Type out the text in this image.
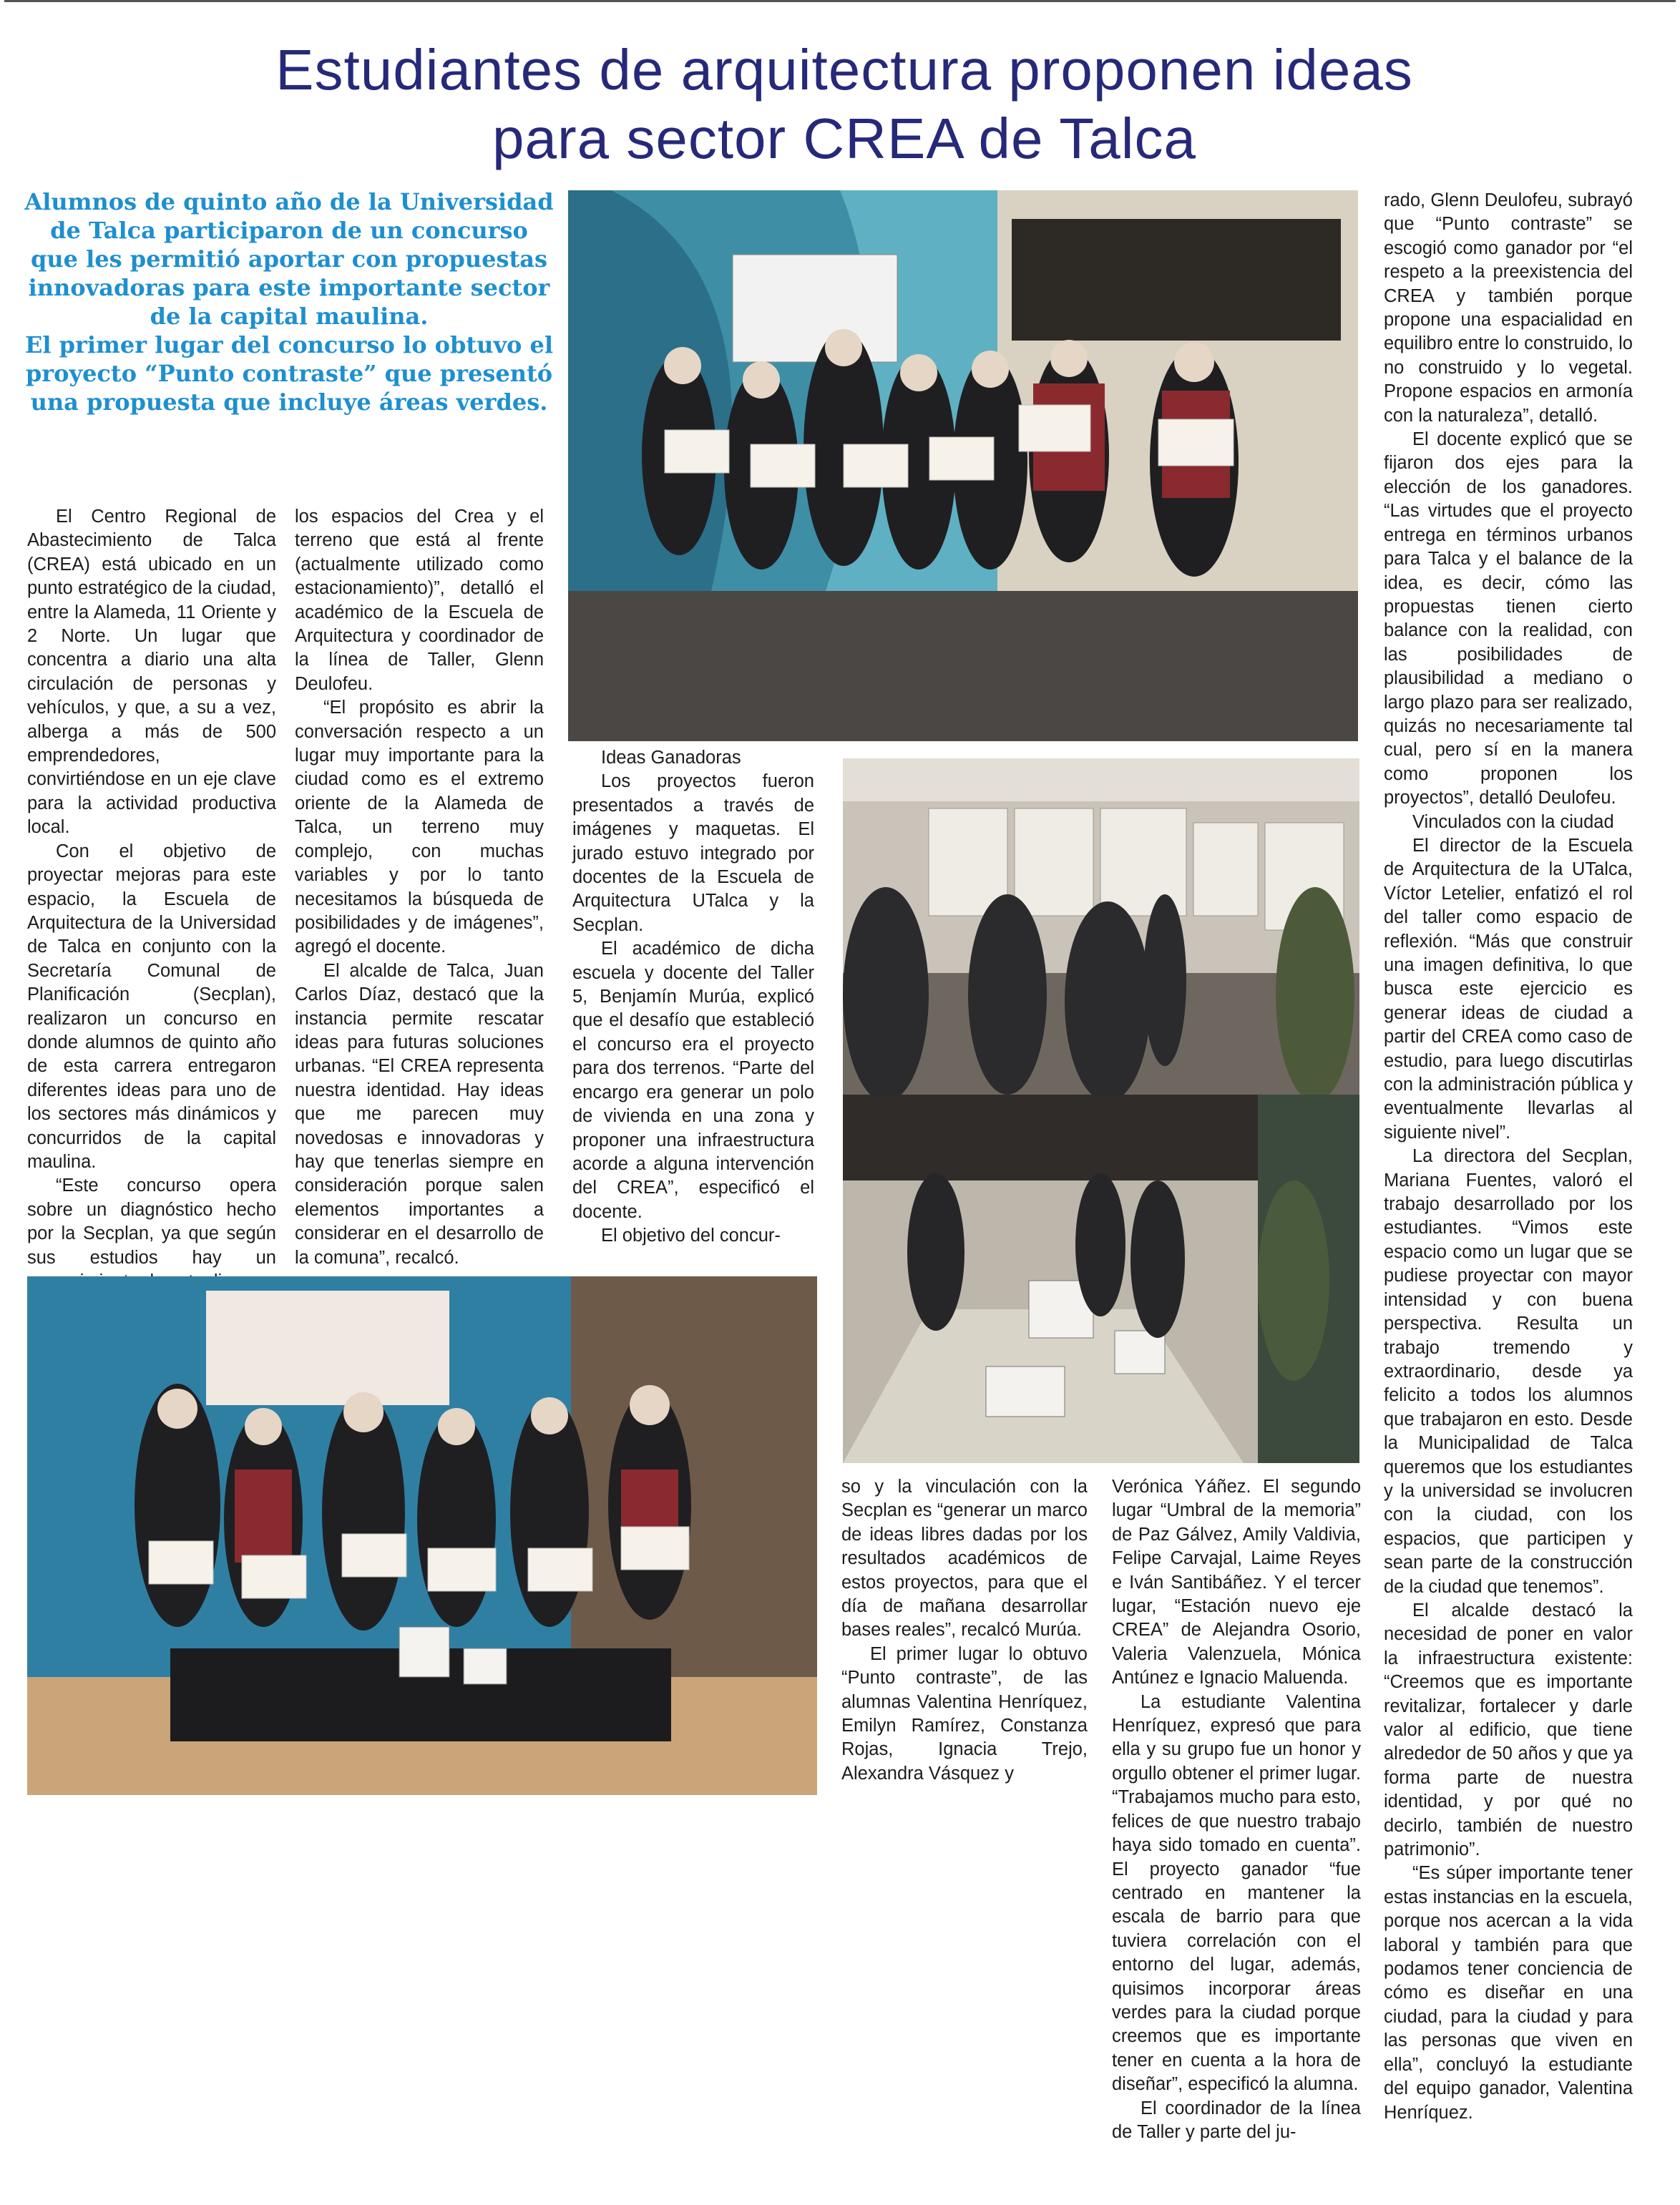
Estudiantes de arquitectura proponen ideas
para sector CREA de Talca

Alumnos de quinto año de la Universidad de Talca participaron de un concurso que les permitió aportar con propuestas innovadoras para este importante sector de la capital maulina.

El primer lugar del concurso lo obtuvo el proyecto “Punto contraste” que presentó una propuesta que incluye áreas verdes.

El Centro Regional de Abastecimiento de Talca (CREA) está ubicado en un punto estratégico de la ciudad, entre la Alameda, 11 Oriente y 2 Norte. Un lugar que concentra a diario una alta circulación de personas y vehículos, y que, a su a vez, alberga a más de 500 emprendedores, convirtiéndose en un eje clave para la actividad productiva local.

Con el objetivo de proyectar mejoras para este espacio, la Escuela de Arquitectura de la Universidad de Talca en conjunto con la Secretaría Comunal de Planificación (Secplan), realizaron un concurso en donde alumnos de quinto año de esta carrera entregaron diferentes ideas para uno de los sectores más dinámicos y concurridos de la capital maulina.

“Este concurso opera sobre un diagnóstico hecho por la Secplan, ya que según sus estudios hay un

los espacios del Crea y el terreno que está al frente (actualmente utilizado como estacionamiento)”, detalló el académico de la Escuela de Arquitectura y coordinador de la línea de Taller, Glenn Deulofeu.

“El propósito es abrir la conversación respecto a un lugar muy importante para la ciudad como es el extremo oriente de la Alameda de Talca, un terreno muy complejo, con muchas variables y por lo tanto necesitamos la búsqueda de posibilidades y de imágenes”, agregó el docente.

El alcalde de Talca, Juan Carlos Díaz, destacó que la instancia permite rescatar ideas para futuras soluciones urbanas. “El CREA representa nuestra identidad. Hay ideas que me parecen muy novedosas e innovadoras y hay que tenerlas siempre en consideración porque salen elementos importantes a considerar en el desarrollo de la comuna”, recalcó.

Ideas Ganadoras

Los proyectos fueron presentados a través de imágenes y maquetas. El jurado estuvo integrado por docentes de la Escuela de Arquitectura UTalca y la Secplan.

El académico de dicha escuela y docente del Taller 5, Benjamín Murúa, explicó que el desafío que estableció el concurso era el proyecto para dos terrenos. “Parte del encargo era generar un polo de vivienda en una zona y proponer una infraestructura acorde a alguna intervención del CREA”, especificó el docente.

El objetivo del concur-

so y la vinculación con la Secplan es “generar un marco de ideas libres dadas por los resultados académicos de estos proyectos, para que el día de mañana desarrollar bases reales”, recalcó Murúa.

El primer lugar lo obtuvo “Punto contraste”, de las alumnas Valentina Henríquez, Emilyn Ramírez, Constanza Rojas, Ignacia Trejo, Alexandra Vásquez y

Verónica Yáñez. El segundo lugar “Umbral de la memoria” de Paz Gálvez, Amily Valdivia, Felipe Carvajal, Laime Reyes e Iván Santibáñez. Y el tercer lugar, “Estación nuevo eje CREA” de Alejandra Osorio, Valeria Valenzuela, Mónica Antúnez e Ignacio Maluenda.

La estudiante Valentina Henríquez, expresó que para ella y su grupo fue un honor y orgullo obtener el primer lugar. “Trabajamos mucho para esto, felices de que nuestro trabajo haya sido tomado en cuenta”. El proyecto ganador “fue centrado en mantener la escala de barrio para que tuviera correlación con el entorno del lugar, además, quisimos incorporar áreas verdes para la ciudad porque creemos que es importante tener en cuenta a la hora de diseñar”, especificó la alumna.

El coordinador de la línea de Taller y parte del ju-

rado, Glenn Deulofeu, subrayó que “Punto contraste” se escogió como ganador por “el respeto a la preexistencia del CREA y también porque propone una espacialidad en equilibro entre lo construido, lo no construido y lo vegetal. Propone espacios en armonía con la naturaleza”, detalló.

El docente explicó que se fijaron dos ejes para la elección de los ganadores. “Las virtudes que el proyecto entrega en términos urbanos para Talca y el balance de la idea, es decir, cómo las propuestas tienen cierto balance con la realidad, con las posibilidades de plausibilidad a mediano o largo plazo para ser realizado, quizás no necesariamente tal cual, pero sí en la manera como proponen los proyectos”, detalló Deulofeu.

Vinculados con la ciudad

El director de la Escuela de Arquitectura de la UTalca, Víctor Letelier, enfatizó el rol del taller como espacio de reflexión. “Más que construir una imagen definitiva, lo que busca este ejercicio es generar ideas de ciudad a partir del CREA como caso de estudio, para luego discutirlas con la administración pública y eventualmente llevarlas al siguiente nivel”.

La directora del Secplan, Mariana Fuentes, valoró el trabajo desarrollado por los estudiantes. “Vimos este espacio como un lugar que se pudiese proyectar con mayor intensidad y con buena perspectiva. Resulta un trabajo tremendo y extraordinario, desde ya felicito a todos los alumnos que trabajaron en esto. Desde la Municipalidad de Talca queremos que los estudiantes y la universidad se involucren con la ciudad, con los espacios, que participen y sean parte de la construcción de la ciudad que tenemos”.

El alcalde destacó la necesidad de poner en valor la infraestructura existente: “Creemos que es importante revitalizar, fortalecer y darle valor al edificio, que tiene alrededor de 50 años y que ya forma parte de nuestra identidad, y por qué no decirlo, también de nuestro patrimonio”.

“Es súper importante tener estas instancias en la escuela, porque nos acercan a la vida laboral y también para que podamos tener conciencia de cómo es diseñar en una ciudad, para la ciudad y para las personas que viven en ella”, concluyó la estudiante del equipo ganador, Valentina Henríquez.
